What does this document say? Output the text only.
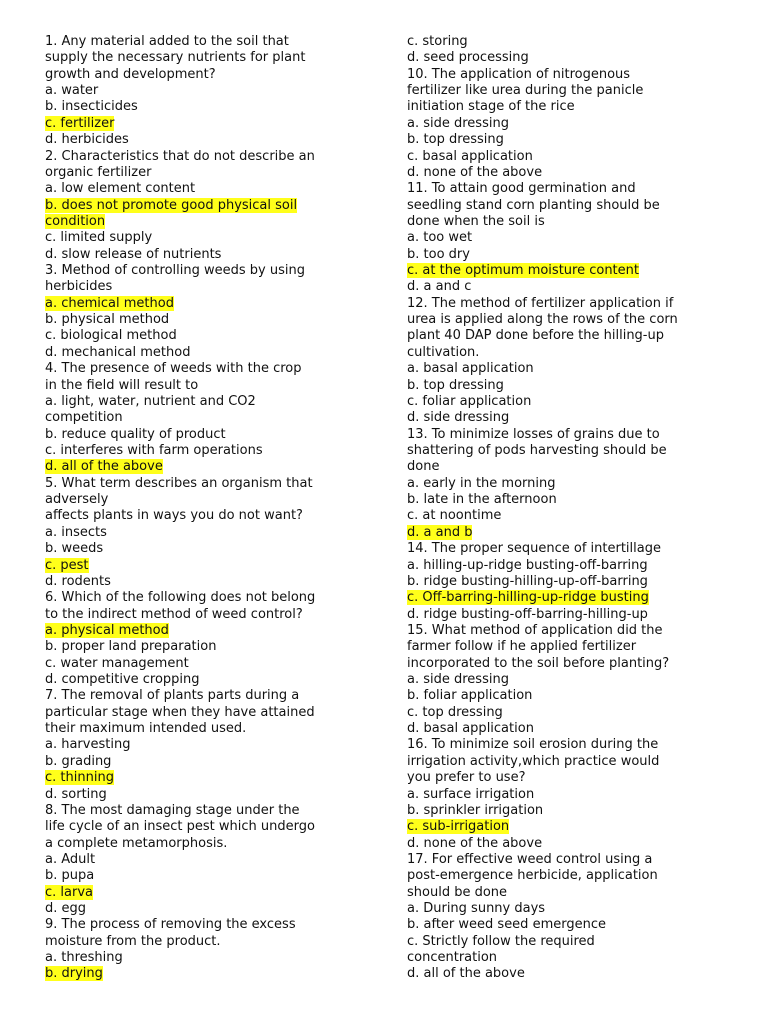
1. Any material added to the soil that
supply the necessary nutrients for plant
growth and development?
a. water
b. insecticides
c. fertilizer
d. herbicides
2. Characteristics that do not describe an
organic fertilizer
a. low element content
b. does not promote good physical soil
condition
c. limited supply
d. slow release of nutrients
3. Method of controlling weeds by using
herbicides
a. chemical method
b. physical method
c. biological method
d. mechanical method
4. The presence of weeds with the crop
in the field will result to
a. light, water, nutrient and CO2
competition
b. reduce quality of product
c. interferes with farm operations
d. all of the above
5. What term describes an organism that
adversely
affects plants in ways you do not want?
a. insects
b. weeds
c. pest
d. rodents
6. Which of the following does not belong
to the indirect method of weed control?
a. physical method
b. proper land preparation
c. water management
d. competitive cropping
7. The removal of plants parts during a
particular stage when they have attained
their maximum intended used.
a. harvesting
b. grading
c. thinning
d. sorting
8. The most damaging stage under the
life cycle of an insect pest which undergo
a complete metamorphosis.
a. Adult
b. pupa
c. larva
d. egg
9. The process of removing the excess
moisture from the product.
a. threshing
b. drying
c. storing
d. seed processing
10. The application of nitrogenous
fertilizer like urea during the panicle
initiation stage of the rice
a. side dressing
b. top dressing
c. basal application
d. none of the above
11. To attain good germination and
seedling stand corn planting should be
done when the soil is
a. too wet
b. too dry
c. at the optimum moisture content
d. a and c
12. The method of fertilizer application if
urea is applied along the rows of the corn
plant 40 DAP done before the hilling-up
cultivation.
a. basal application
b. top dressing
c. foliar application
d. side dressing
13. To minimize losses of grains due to
shattering of pods harvesting should be
done
a. early in the morning
b. late in the afternoon
c. at noontime
d. a and b
14. The proper sequence of intertillage
a. hilling-up-ridge busting-off-barring
b. ridge busting-hilling-up-off-barring
c. Off-barring-hilling-up-ridge busting
d. ridge busting-off-barring-hilling-up
15. What method of application did the
farmer follow if he applied fertilizer
incorporated to the soil before planting?
a. side dressing
b. foliar application
c. top dressing
d. basal application
16. To minimize soil erosion during the
irrigation activity,which practice would
you prefer to use?
a. surface irrigation
b. sprinkler irrigation
c. sub-irrigation
d. none of the above
17. For effective weed control using a
post-emergence herbicide, application
should be done
a. During sunny days
b. after weed seed emergence
c. Strictly follow the required
concentration
d. all of the above
